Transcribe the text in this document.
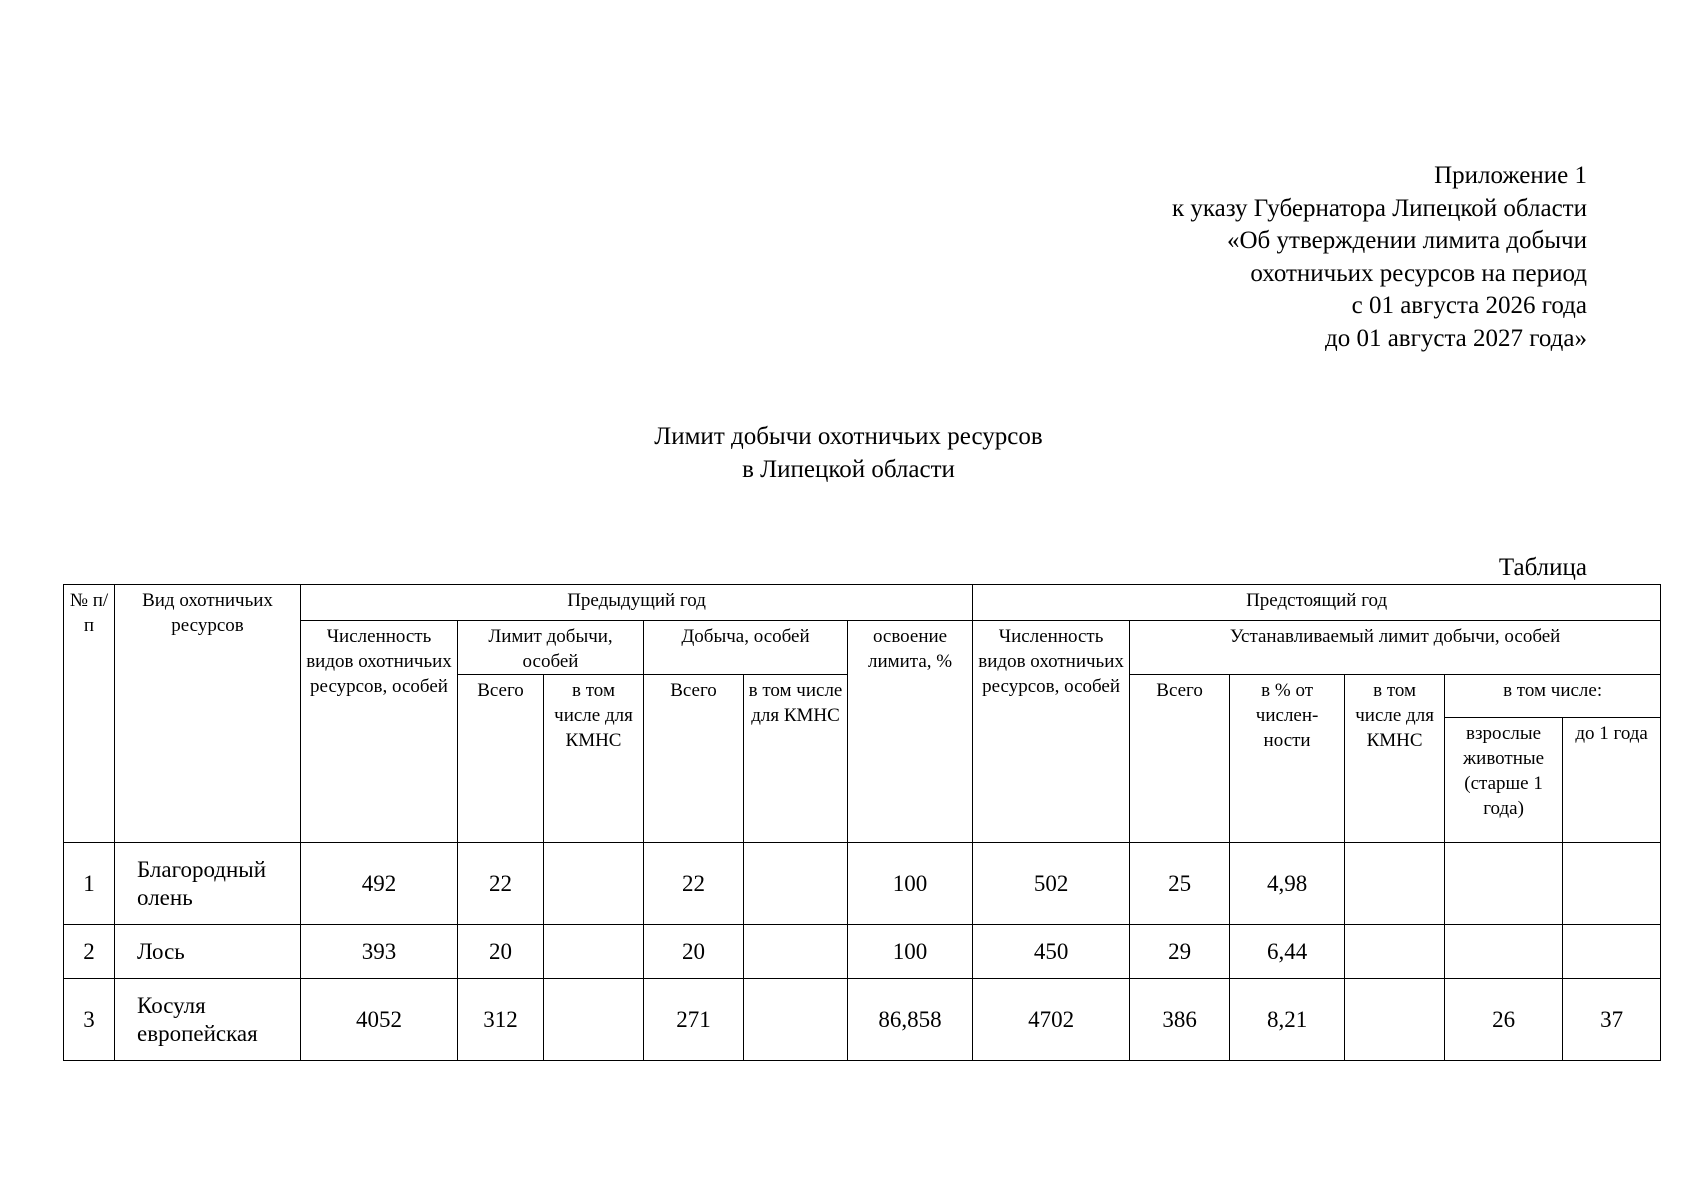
Приложение 1
к указу Губернатора Липецкой области
«Об утверждении лимита добычи
охотничьих ресурсов на период
с 01 августа 2026 года
до 01 августа 2027 года»
Лимит добычи охотничьих ресурсов
в Липецкой области
Таблица
№ п/п	Вид охотничьих ресурсов	Предыдущий год						Предстоящий год					
		Численность видов охотничьих ресурсов, особей	Лимит добычи, особей		Добыча, особей		освоение лимита, %	Численность видов охотничьих ресурсов, особей	Устанавливаемый лимит добычи, особей				
			Всего	в том числе для КМНС	Всего	в том числе для КМНС			Всего	в % от числен-ности	в том числе для КМНС	в том числе:	
												взрослые животные (старше 1 года)	до 1 года
1	Благородный олень	492	22		22		100	502	25	4,98			
2	Лось	393	20		20		100	450	29	6,44			
3	Косуля европейская	4052	312		271		86,858	4702	386	8,21		26	37
